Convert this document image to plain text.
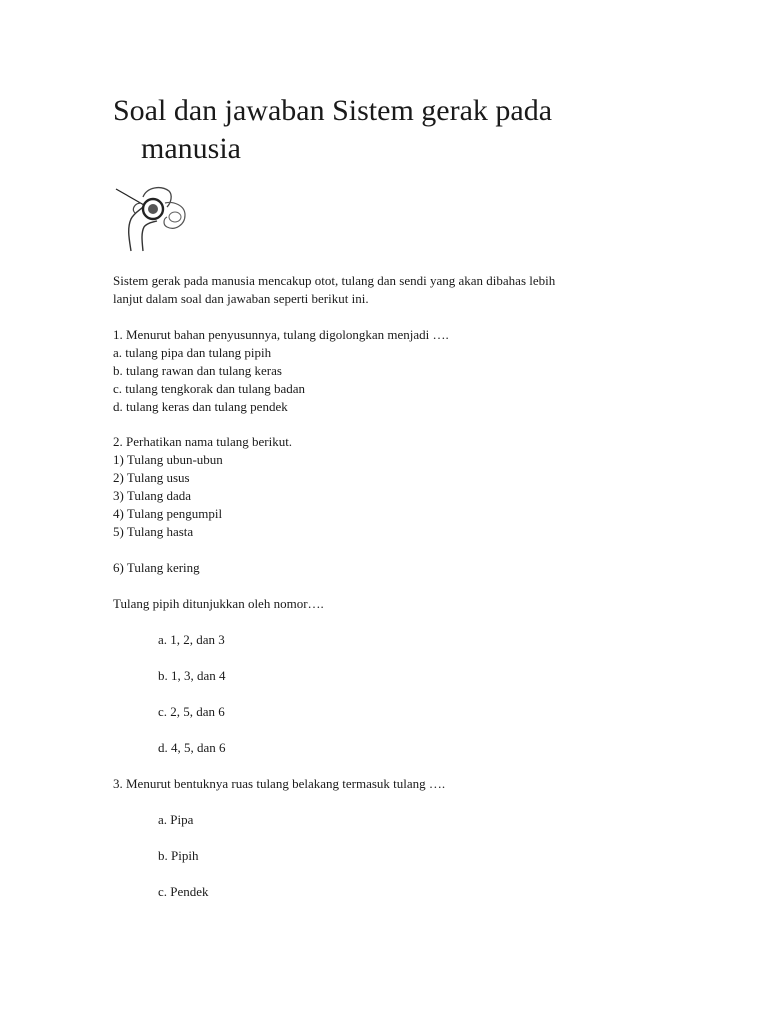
Soal dan jawaban Sistem gerak pada
manusia
Sistem gerak pada manusia mencakup otot, tulang dan sendi yang akan dibahas lebih
lanjut dalam soal dan jawaban seperti berikut ini.
1. Menurut bahan penyusunnya, tulang digolongkan menjadi ….
a. tulang pipa dan tulang pipih
b. tulang rawan dan tulang keras
c. tulang tengkorak dan tulang badan
d. tulang keras dan tulang pendek
2. Perhatikan nama tulang berikut.
1) Tulang ubun-ubun
2) Tulang usus
3) Tulang dada
4) Tulang pengumpil
5) Tulang hasta
6) Tulang kering
Tulang pipih ditunjukkan oleh nomor….
a. 1, 2, dan 3
b. 1, 3, dan 4
c. 2, 5, dan 6
d. 4, 5, dan 6
3. Menurut bentuknya ruas tulang belakang termasuk tulang ….
a. Pipa
b. Pipih
c. Pendek
